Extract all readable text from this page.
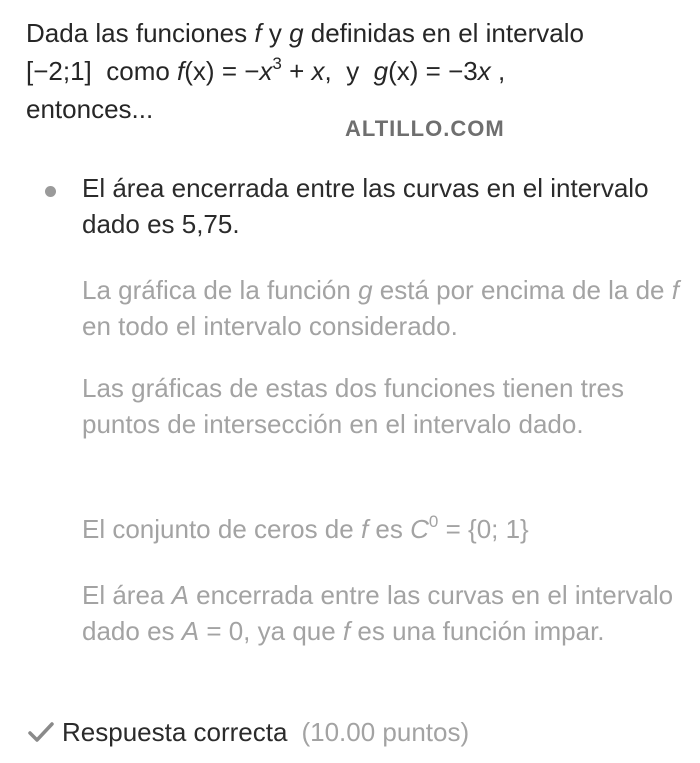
Dada las funciones f y g definidas en el intervalo
[−2;1]  como $f(x) = -x^3 + x$,  y  g(x) = −3x ,
entonces...
ALTILLO.COM
El área encerrada entre las curvas en el intervalo dado es 5,75.
La gráfica de la función g está por encima de la de f en todo el intervalo considerado.
Las gráficas de estas dos funciones tienen tres puntos de intersección en el intervalo dado.
El conjunto de ceros de f es $C^0 = \{0$; 1}
El área A encerrada entre las curvas en el intervalo dado es A = 0, ya que f es una función impar.
Respuesta correcta (10.00 puntos)
